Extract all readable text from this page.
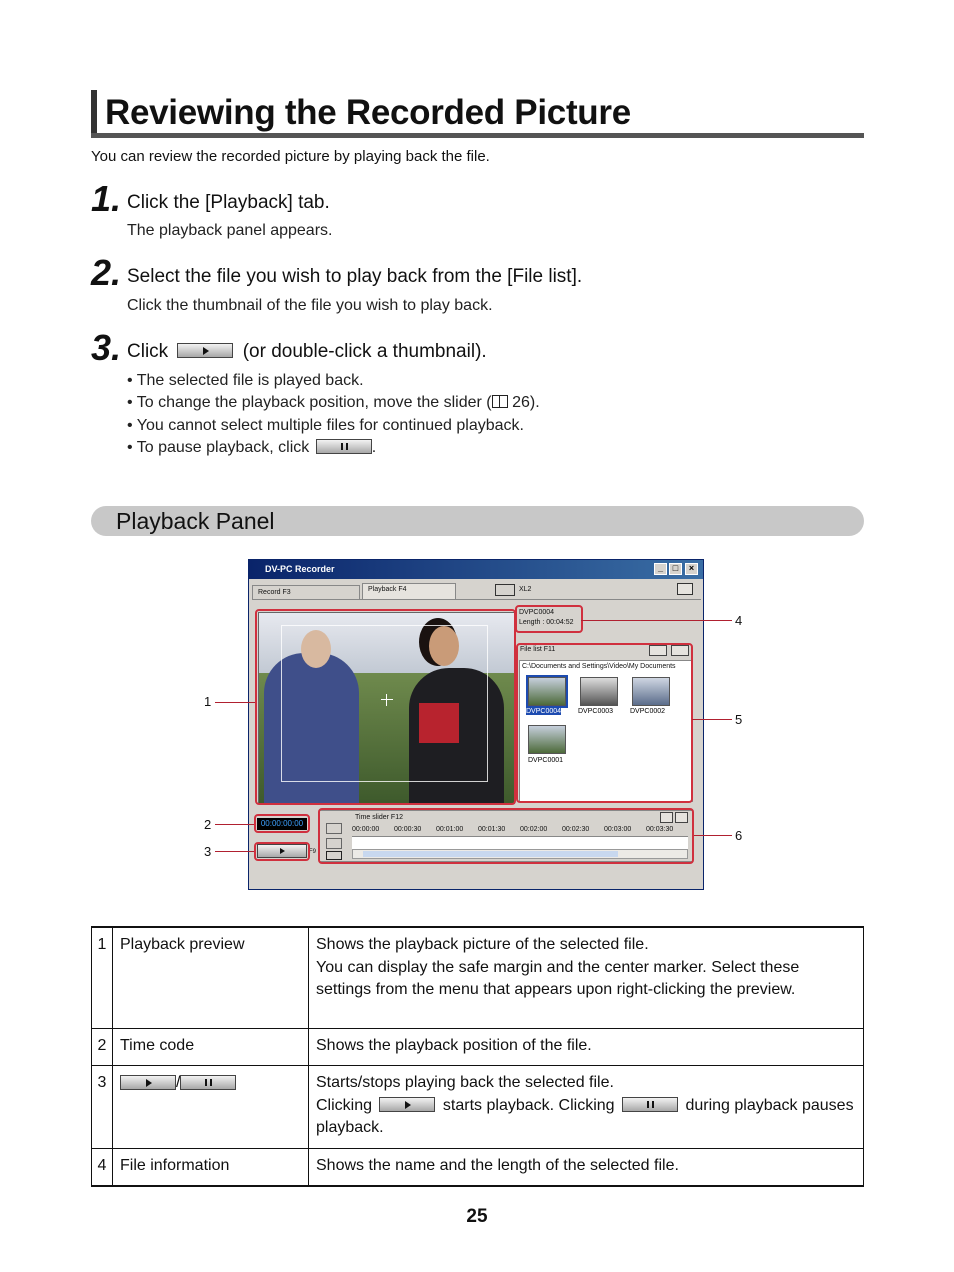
Reviewing the Recorded Picture
You can review the recorded picture by playing back the file.
1. Click the [Playback] tab.
The playback panel appears.
2. Select the file you wish to play back from the [File list].
Click the thumbnail of the file you wish to play back.
3. Click	(or double-click a thumbnail).
• The selected file is played back.
• To change the playback position, move the slider ( 26).
• You cannot select multiple files for continued playback.
• To pause playback, click	.
Playback Panel
DV-PC Recorder	_	□	×
Record F3	Playback F4	XL2
DVPC0004
Length : 00:04:52
File list F11
C:\Documents and Settings\Video\My Documents
DVPC0004 DVPC0003 DVPC0002
DVPC0001
00:00:00:00
F9
Time slider F12
00:00:00 00:00:30 00:01:00 00:01:30 00:02:00 00:02:30 00:03:00 00:03:30
1
2
3
4
5
6
1	Playback preview	Shows the playback picture of the selected file.
You can display the safe margin and the center marker. Select these settings from the menu that appears upon right-clicking the preview.

2	Time code	Shows the playback position of the file.

3	/	Starts/stops playing back the selected file.
Clicking starts playback. Clicking during playback pauses playback.

4	File information	Shows the name and the length of the selected file.
25
